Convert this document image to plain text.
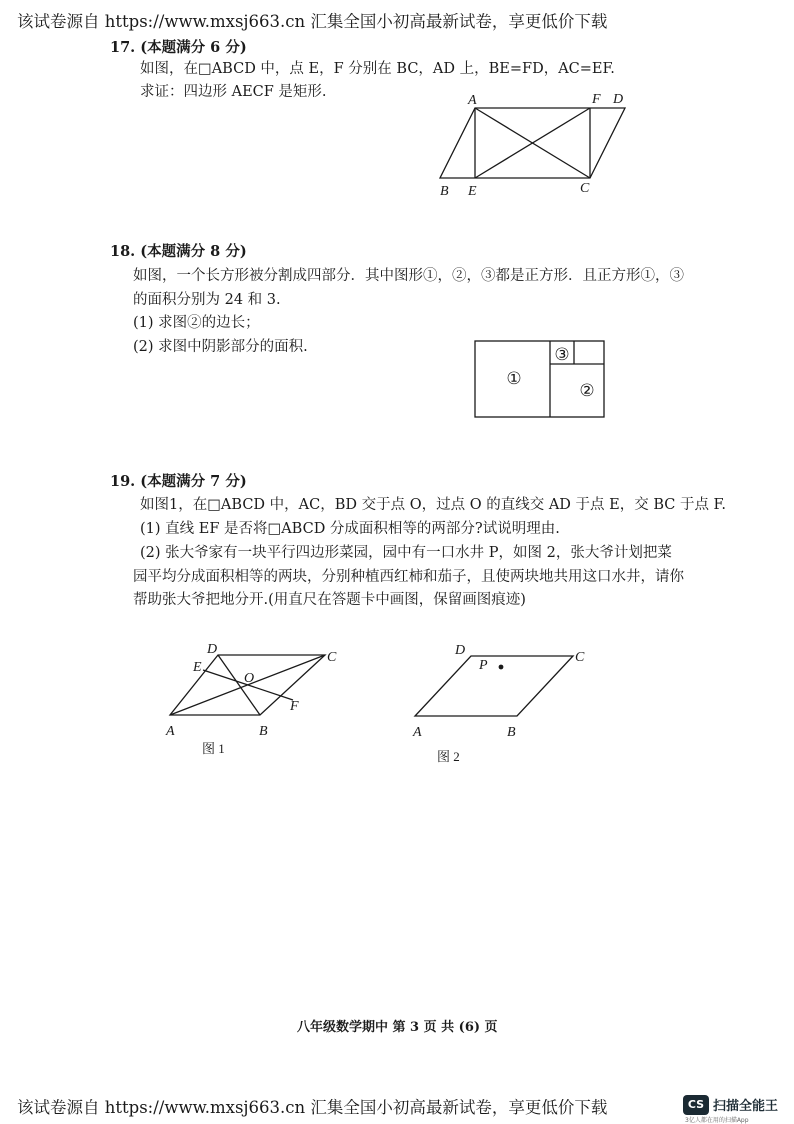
该试卷源自 https://www.mxsj663.cn 汇集全国小初高最新试卷，享更低价下载
17. (本题满分 6 分)
如图，在□ABCD 中，点 E，F 分别在 BC，AD 上，BE=FD，AC=EF.
求证：四边形 AECF 是矩形.
A	F D
B E	C
18. (本题满分 8 分)
如图，一个长方形被分割成四部分．其中图形①，②，③都是正方形．且正方形①，③
的面积分别为 24 和 3.
(1) 求图②的边长；
(2) 求图中阴影部分的面积.
①
②
③
19. (本题满分 7 分)
如图1，在□ABCD 中，AC，BD 交于点 O，过点 O 的直线交 AD 于点 E，交 BC 于点 F.
(1) 直线 EF 是否将□ABCD 分成面积相等的两部分?试说明理由.
(2) 张大爷家有一块平行四边形菜园，园中有一口水井 P，如图 2，张大爷计划把菜
园平均分成面积相等的两块，分别种植西红柿和茄子，且使两块地共用这口水井，请你
帮助张大爷把地分开.(用直尺在答题卡中画图，保留画图痕迹)
D
C
E
O
F
A	B
图 1
D	C
P
A	B
图 2
八年级数学期中 第 3 页 共 (6) 页
该试卷源自 https://www.mxsj663.cn 汇集全国小初高最新试卷，享更低价下载	CS 扫描全能王
3亿人都在用的扫描App
